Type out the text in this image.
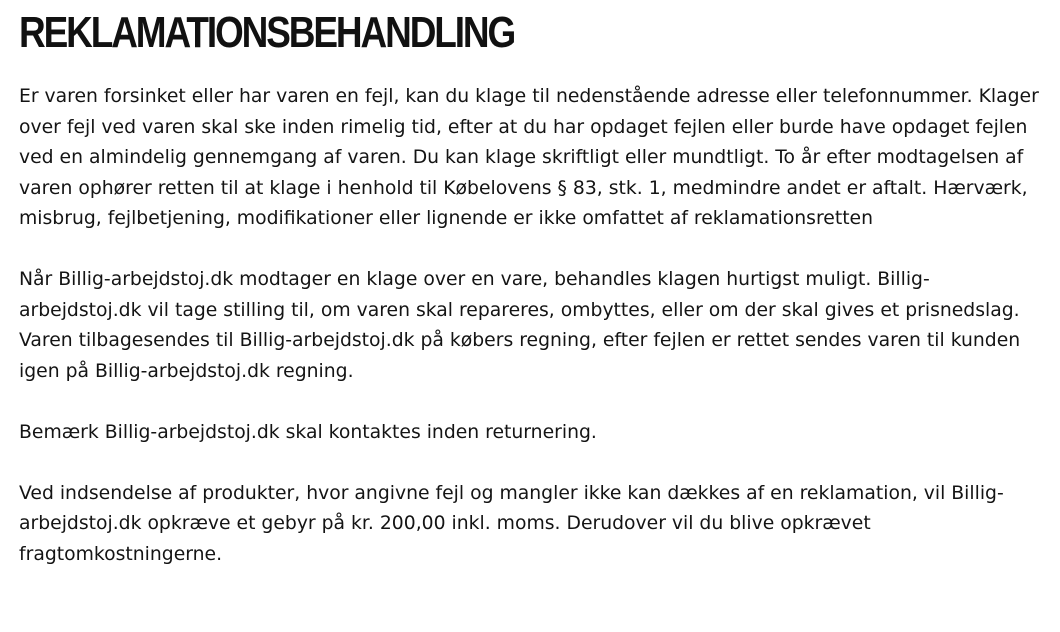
REKLAMATIONSBEHANDLING

Er varen forsinket eller har varen en fejl, kan du klage til nedenstående adresse eller telefonnummer. Klager over fejl ved varen skal ske inden rimelig tid, efter at du har opdaget fejlen eller burde have opdaget fejlen ved en almindelig gennemgang af varen. Du kan klage skriftligt eller mundtligt. To år efter modtagelsen af varen ophører retten til at klage i henhold til Købelovens § 83, stk. 1, medmindre andet er aftalt. Hærværk, misbrug, fejlbetjening, modifikationer eller lignende er ikke omfattet af reklamationsretten

Når Billig-arbejdstoj.dk modtager en klage over en vare, behandles klagen hurtigst muligt. Billig-arbejdstoj.dk vil tage stilling til, om varen skal repareres, ombyttes, eller om der skal gives et prisnedslag. Varen tilbagesendes til Billig-arbejdstoj.dk på købers regning, efter fejlen er rettet sendes varen til kunden igen på Billig-arbejdstoj.dk regning.

Bemærk Billig-arbejdstoj.dk skal kontaktes inden returnering.

Ved indsendelse af produkter, hvor angivne fejl og mangler ikke kan dækkes af en reklamation, vil Billig-arbejdstoj.dk opkræve et gebyr på kr. 200,00 inkl. moms. Derudover vil du blive opkrævet fragtomkostningerne.
